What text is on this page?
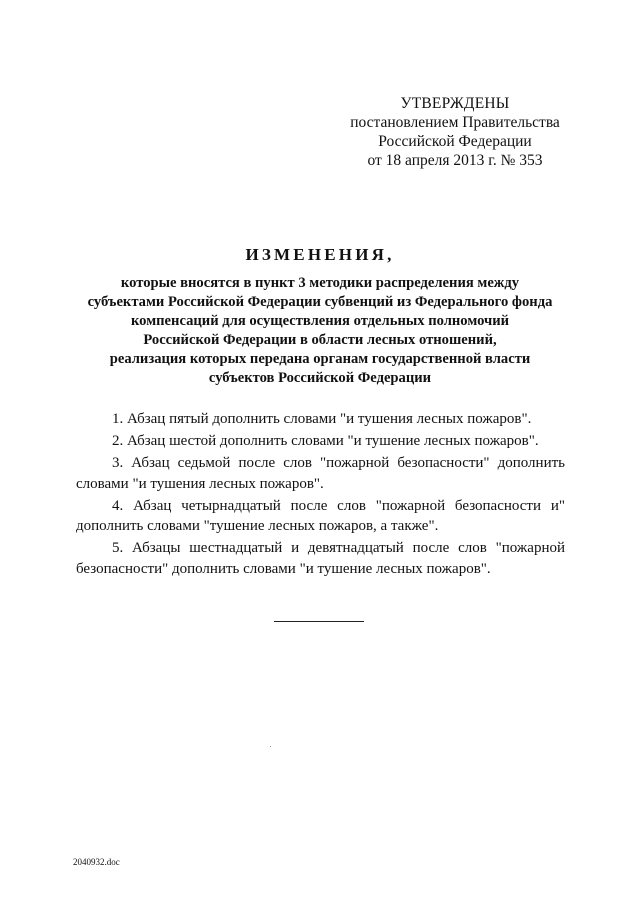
УТВЕРЖДЕНЫ
постановлением Правительства
Российской Федерации
от 18 апреля 2013 г. № 353
ИЗМЕНЕНИЯ,
которые вносятся в пункт 3 методики распределения между
субъектами Российской Федерации субвенций из Федерального фонда
компенсаций для осуществления отдельных полномочий
Российской Федерации в области лесных отношений,
реализация которых передана органам государственной власти
субъектов Российской Федерации

1. Абзац пятый дополнить словами "и тушения лесных пожаров".

2. Абзац шестой дополнить словами "и тушение лесных пожаров".

3. Абзац седьмой после слов "пожарной безопасности" дополнить
словами "и тушения лесных пожаров".

4. Абзац четырнадцатый после слов "пожарной безопасности и"
дополнить словами "тушение лесных пожаров, а также".

5. Абзацы шестнадцатый и девятнадцатый после слов "пожарной
безопасности" дополнить словами "и тушение лесных пожаров".

2040932.doc
